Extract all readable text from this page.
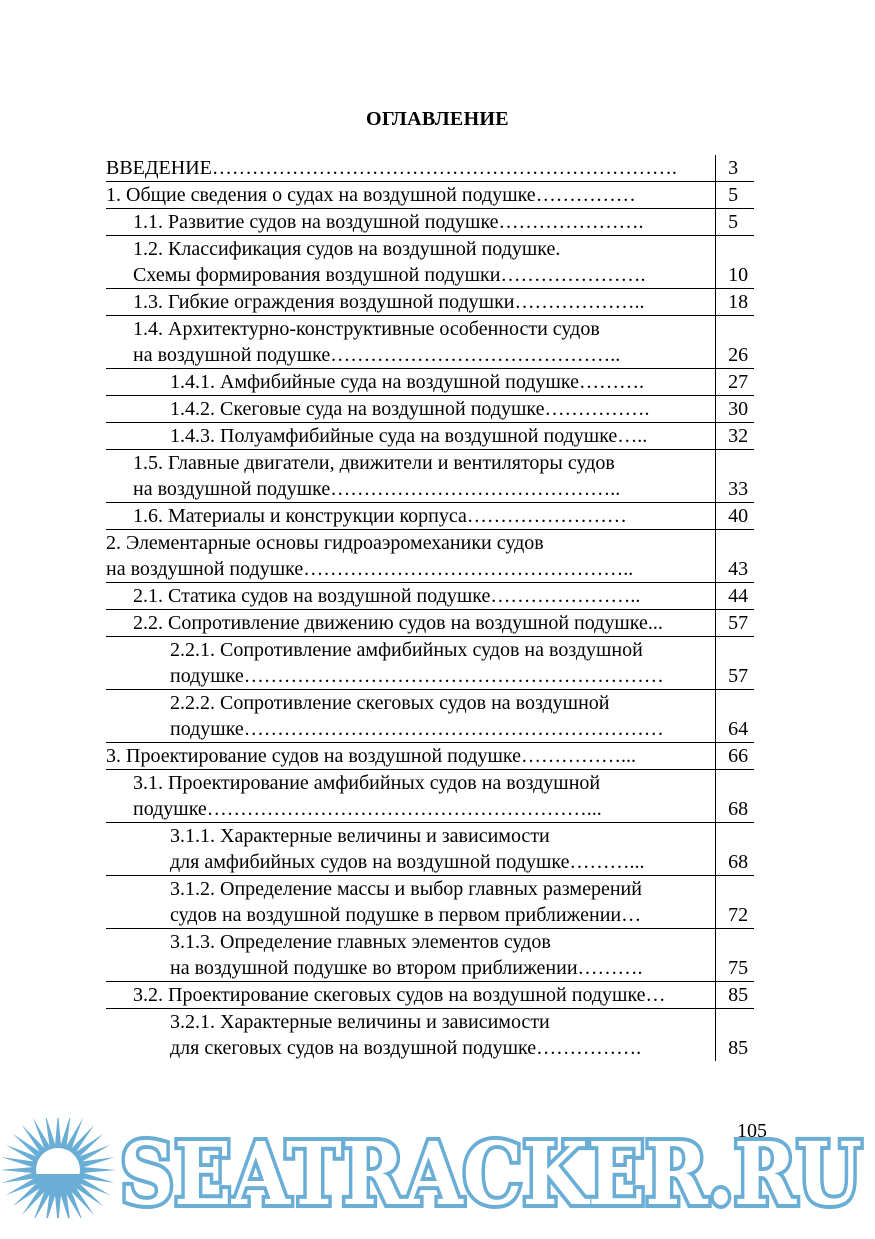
ОГЛАВЛЕНИЕ
ВВЕДЕНИЕ…………………………………………………………….	3
1. Общие сведения о судах на воздушной подушке……………	5
1.1. Развитие судов на воздушной подушке………………….	5
1.2. Классификация судов на воздушной подушке.	
Схемы формирования воздушной подушки………………….	10
1.3. Гибкие ограждения воздушной подушки………………..	18
1.4. Архитектурно-конструктивные особенности судов	
на воздушной подушке……………………………………..	26
1.4.1. Амфибийные суда на воздушной подушке……….	27
1.4.2. Скеговые суда на воздушной подушке…………….	30
1.4.3. Полуамфибийные суда на воздушной подушке…..	32
1.5. Главные двигатели, движители и вентиляторы судов	
на воздушной подушке……………………………………..	33
1.6. Материалы и конструкции корпуса……………………	40
2. Элементарные основы гидроаэромеханики судов	
на воздушной подушке…………………………………………..	43
2.1. Статика судов на воздушной подушке…………………..	44
2.2. Сопротивление движению судов на воздушной подушке...	57
2.2.1. Сопротивление амфибийных судов на воздушной	
подушке………………………………………………………	57
2.2.2. Сопротивление скеговых судов на воздушной	
подушке………………………………………………………	64
3. Проектирование судов на воздушной подушке……………...	66
3.1. Проектирование амфибийных судов на воздушной	
подушке…………………………………………………...	68
3.1.1. Характерные величины и зависимости	
для амфибийных судов на воздушной подушке………...	68
3.1.2. Определение массы и выбор главных размерений	
судов на воздушной подушке в первом приближении…	72
3.1.3. Определение главных элементов судов	
на воздушной подушке во втором приближении……….	75
3.2. Проектирование скеговых судов на воздушной подушке…	85
3.2.1. Характерные величины и зависимости	
для скеговых судов на воздушной подушке…………….	85
SEATRACKER.RU
105
